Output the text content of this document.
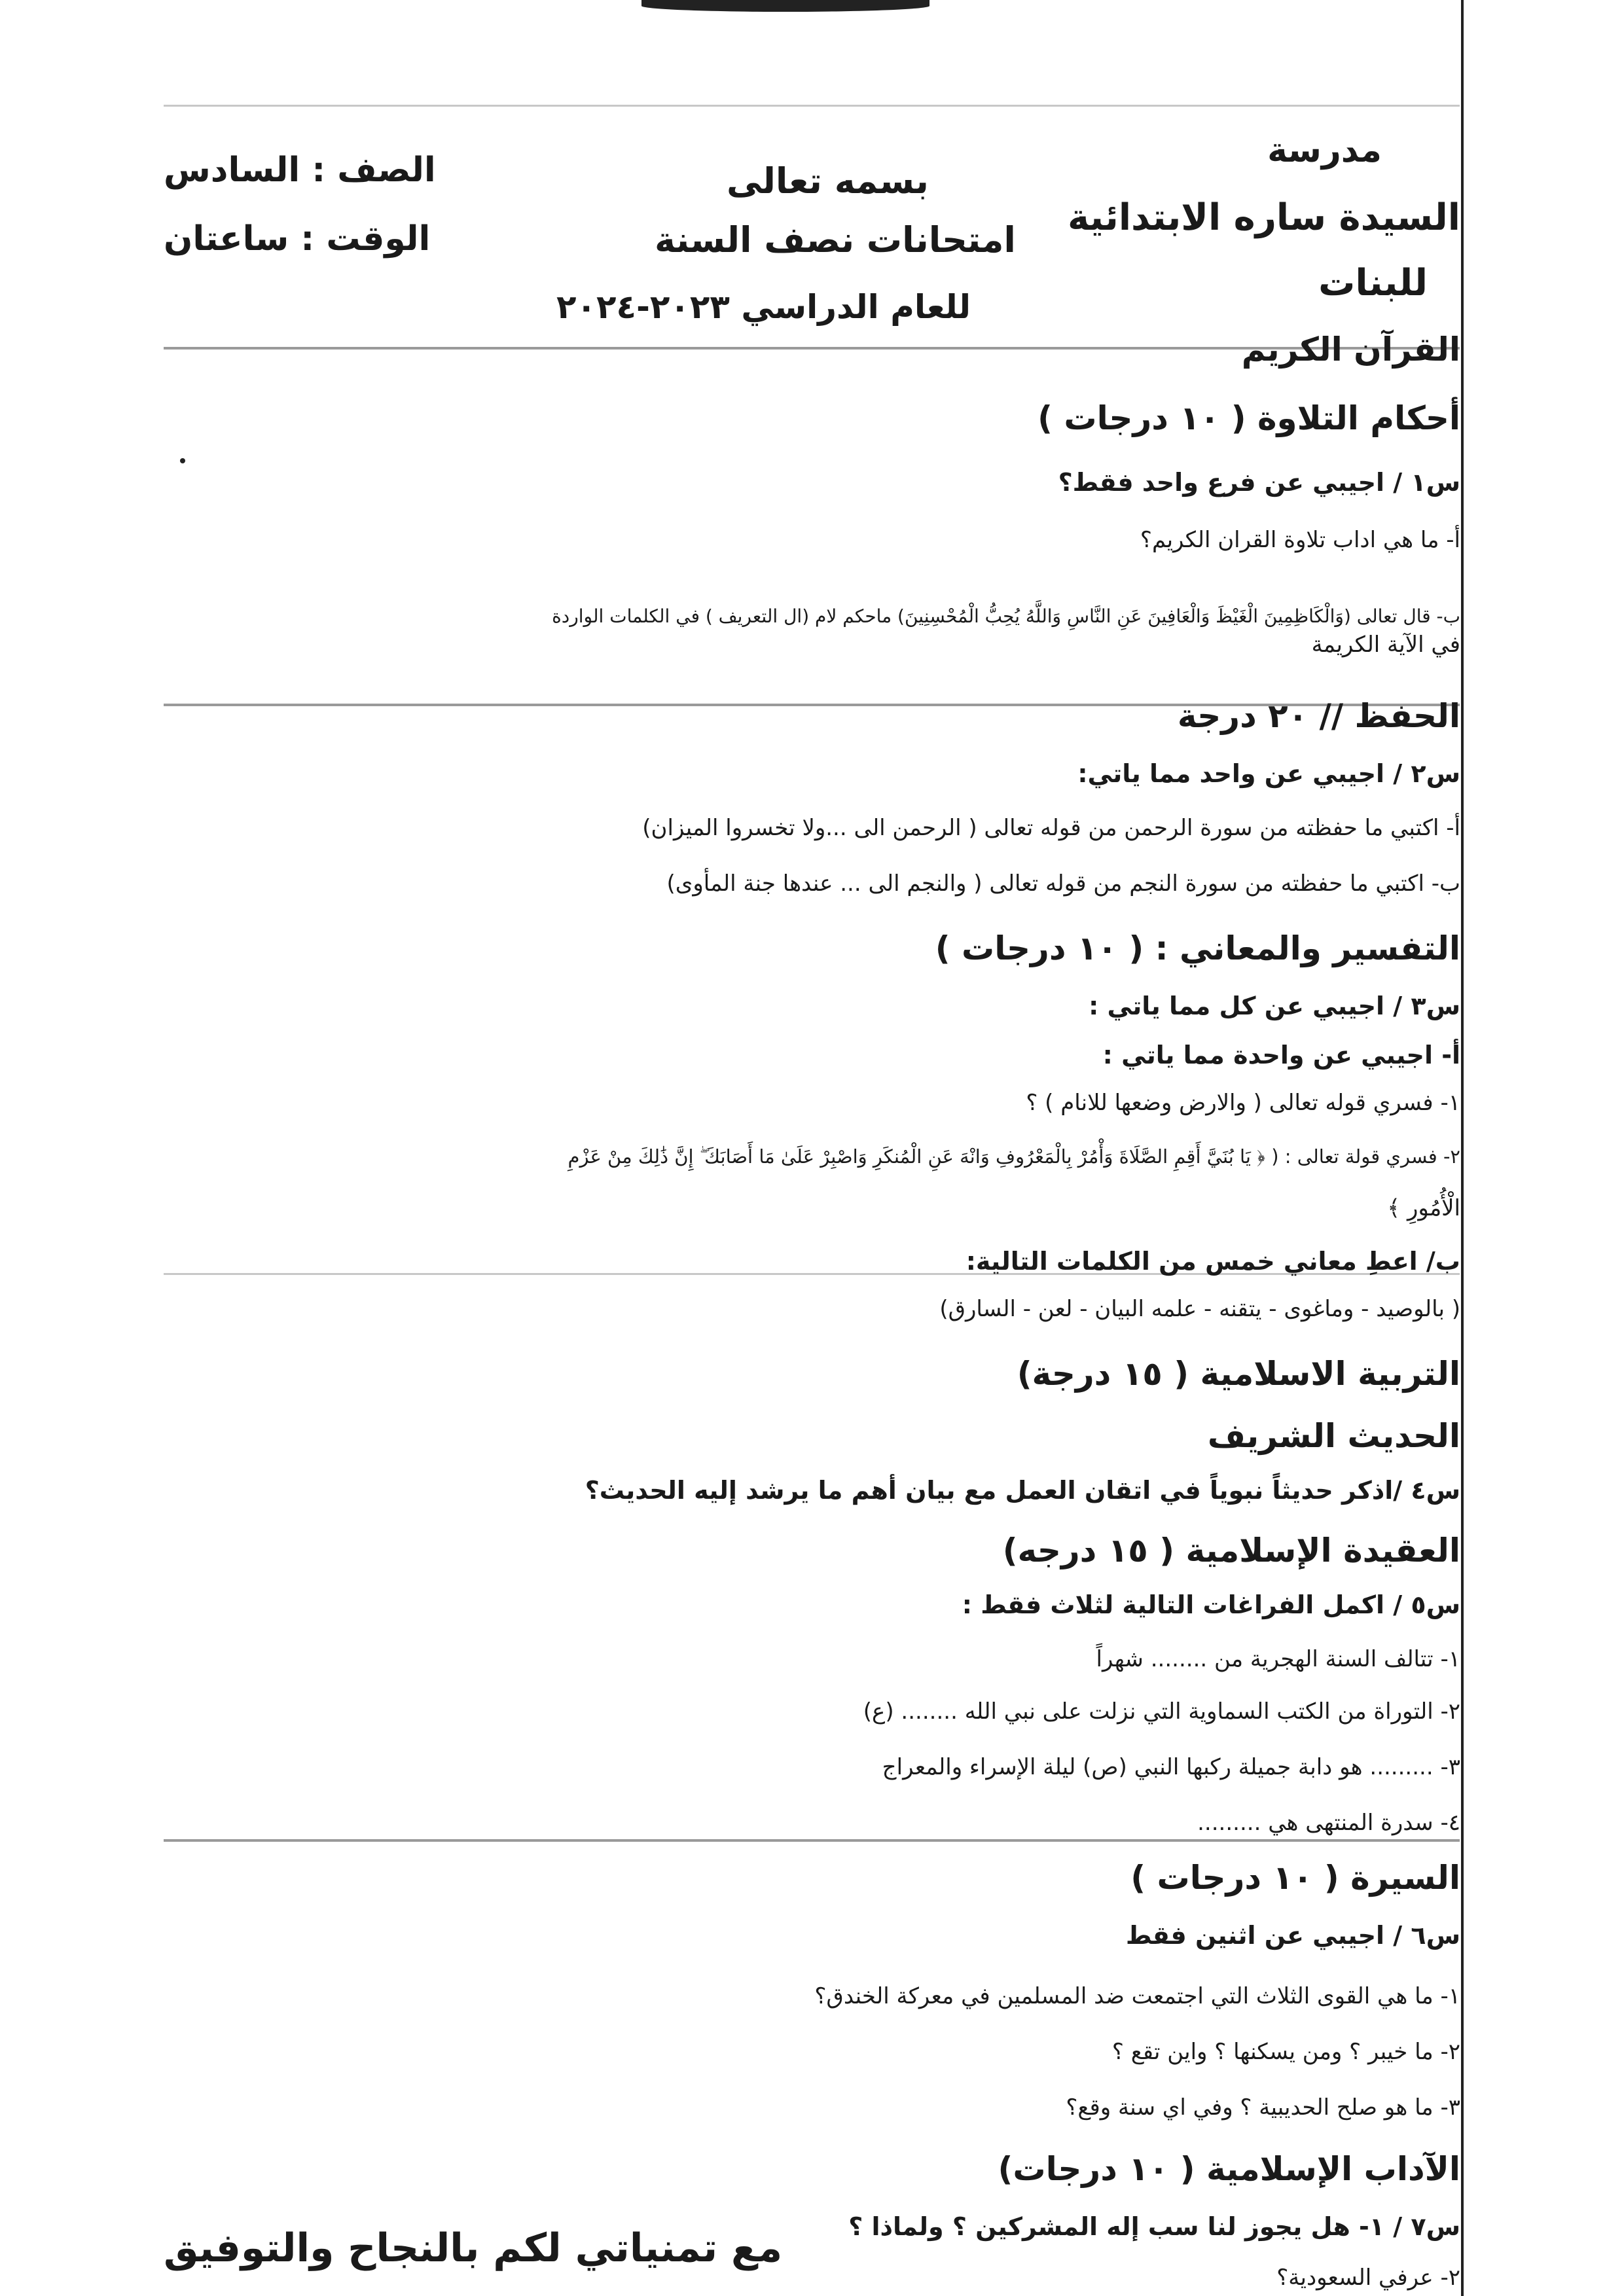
مدرسة
السيدة ساره الابتدائية
للبنات
بسمه تعالى
امتحانات نصف السنة
للعام الدراسي ٢٠٢٣-٢٠٢٤
الصف : السادس
الوقت : ساعتان
القرآن الكريم
أحكام التلاوة ( ١٠ درجات )
س١ / اجيبي عن فرع واحد فقط؟
أ- ما هي اداب تلاوة القران الكريم؟
ب- قال تعالى (وَالْكَاظِمِينَ الْغَيْظَ وَالْعَافِينَ عَنِ النَّاسِ وَاللَّهُ يُحِبُّ الْمُحْسِنِينَ) ماحكم لام (ال التعريف ) في الكلمات الواردة
في الآية الكريمة
الحفظ // ٢٠ درجة
س٢ / اجيبي عن واحد مما ياتي:
أ- اكتبي ما حفظته من سورة الرحمن من قوله تعالى ( الرحمن الى ...ولا تخسروا الميزان)
ب- اكتبي ما حفظته من سورة النجم من قوله تعالى ( والنجم الى ... عندها جنة المأوى)
التفسير والمعاني : ( ١٠ درجات )
س٣ / اجيبي عن كل مما ياتي :
أ- اجيبي عن واحدة مما ياتي :
١- فسري قوله تعالى ( والارض وضعها للانام ) ؟
٢- فسري قولة تعالى : ( ﴿ يَا بُنَيَّ أَقِمِ الصَّلَاةَ وَأْمُرْ بِالْمَعْرُوفِ وَانْهَ عَنِ الْمُنكَرِ وَاصْبِرْ عَلَىٰ مَا أَصَابَكَ ۖ إِنَّ ذَٰلِكَ مِنْ عَزْمِ
الْأُمُورِ ﴾
ب/ اعطِ معاني خمس من الكلمات التالية:
( بالوصيد - وماغوى - يتقنه - علمه البيان - لعن - السارق)
التربية الاسلامية ( ١٥ درجة)
الحديث الشريف
س٤ /اذكر حديثاً نبوياً في اتقان العمل مع بيان أهم ما يرشد إليه الحديث؟
العقيدة الإسلامية ( ١٥ درجه)
س٥ / اكمل الفراغات التالية لثلاث فقط :
١- تتالف السنة الهجرية من ........ شهراً
٢- التوراة من الكتب السماوية التي نزلت على نبي الله ........ (ع)
٣- ......... هو دابة جميلة ركبها النبي (ص) ليلة الإسراء والمعراج
٤- سدرة المنتهى هي .........
السيرة ( ١٠ درجات )
س٦ / اجيبي عن اثنين فقط
١- ما هي القوى الثلاث التي اجتمعت ضد المسلمين في معركة الخندق؟
٢- ما خيبر ؟ ومن يسكنها ؟ واين تقع ؟
٣- ما هو صلح الحديبية ؟ وفي اي سنة وقع؟
الآداب الإسلامية ( ١٠ درجات)
س٧ / ١- هل يجوز لنا سب إله المشركين ؟ ولماذا ؟
٢- عرفي السعودية؟
مع تمنياتي لكم بالنجاح والتوفيق
